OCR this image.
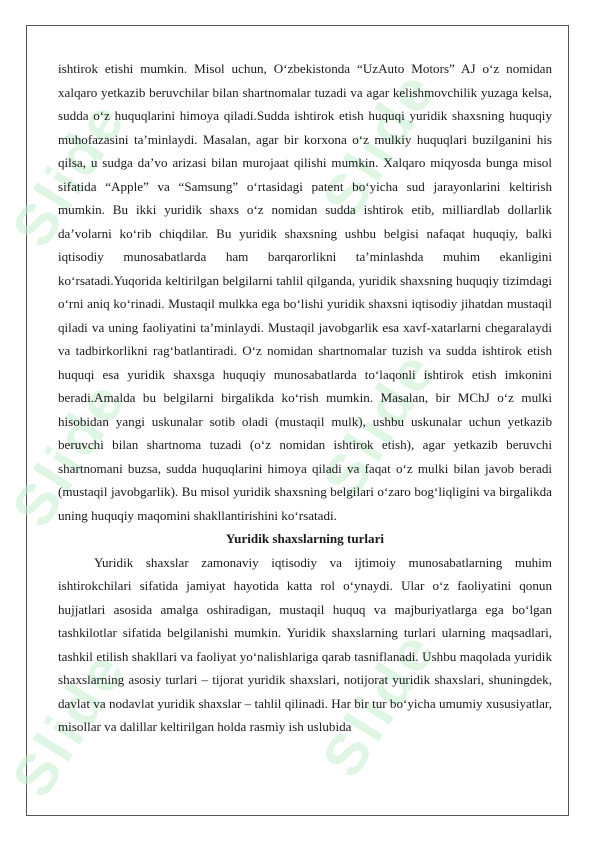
Slide	Slide
Slide	Slide
Slide	Slide

ishtirok etishi mumkin. Misol uchun, O‘zbekistonda “UzAuto Motors” AJ o‘z nomidan xalqaro yetkazib beruvchilar bilan shartnomalar tuzadi va agar kelishmovchilik yuzaga kelsa, sudda o‘z huquqlarini himoya qiladi.Sudda ishtirok etish huquqi yuridik shaxsning huquqiy muhofazasini ta’minlaydi. Masalan, agar bir korxona o‘z mulkiy huquqlari buzilganini his qilsa, u sudga da’vo arizasi bilan murojaat qilishi mumkin. Xalqaro miqyosda bunga misol sifatida “Apple” va “Samsung” o‘rtasidagi patent bo‘yicha sud jarayonlarini keltirish mumkin. Bu ikki yuridik shaxs o‘z nomidan sudda ishtirok etib, milliardlab dollarlik da’volarni ko‘rib chiqdilar. Bu yuridik shaxsning ushbu belgisi nafaqat huquqiy, balki iqtisodiy munosabatlarda ham barqarorlikni ta’minlashda muhim ekanligini ko‘rsatadi.Yuqorida keltirilgan belgilarni tahlil qilganda, yuridik shaxsning huquqiy tizimdagi o‘rni aniq ko‘rinadi. Mustaqil mulkka ega bo‘lishi yuridik shaxsni iqtisodiy jihatdan mustaqil qiladi va uning faoliyatini ta’minlaydi. Mustaqil javobgarlik esa xavf-xatarlarni chegaralaydi va tadbirkorlikni rag‘batlantiradi. O‘z nomidan shartnomalar tuzish va sudda ishtirok etish huquqi esa yuridik shaxsga huquqiy munosabatlarda to‘laqonli ishtirok etish imkonini beradi.Amalda bu belgilarni birgalikda ko‘rish mumkin. Masalan, bir MChJ o‘z mulki hisobidan yangi uskunalar sotib oladi (mustaqil mulk), ushbu uskunalar uchun yetkazib beruvchi bilan shartnoma tuzadi (o‘z nomidan ishtirok etish), agar yetkazib beruvchi shartnomani buzsa, sudda huquqlarini himoya qiladi va faqat o‘z mulki bilan javob beradi (mustaqil javobgarlik). Bu misol yuridik shaxsning belgilari o‘zaro bog‘liqligini va birgalikda uning huquqiy maqomini shakllantirishini ko‘rsatadi.

Yuridik shaxslarning turlari

Yuridik shaxslar zamonaviy iqtisodiy va ijtimoiy munosabatlarning muhim ishtirokchilari sifatida jamiyat hayotida katta rol o‘ynaydi. Ular o‘z faoliyatini qonun hujjatlari asosida amalga oshiradigan, mustaqil huquq va majburiyatlarga ega bo‘lgan tashkilotlar sifatida belgilanishi mumkin. Yuridik shaxslarning turlari ularning maqsadlari, tashkil etilish shakllari va faoliyat yo‘nalishlariga qarab tasniflanadi. Ushbu maqolada yuridik shaxslarning asosiy turlari – tijorat yuridik shaxslari, notijorat yuridik shaxslari, shuningdek, davlat va nodavlat yuridik shaxslar – tahlil qilinadi. Har bir tur bo‘yicha umumiy xususiyatlar, misollar va dalillar keltirilgan holda rasmiy ish uslubida
